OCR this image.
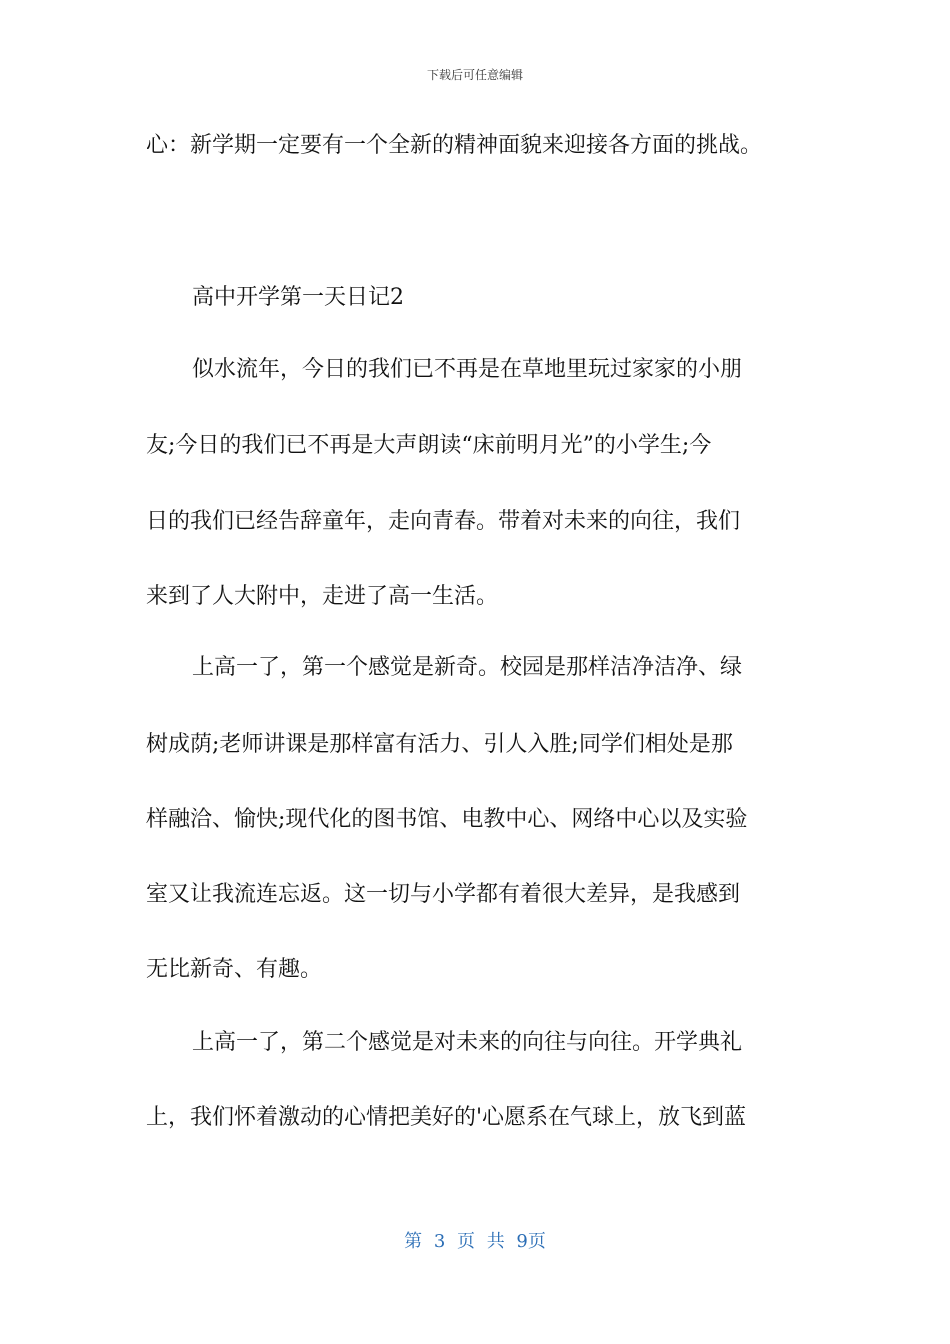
下载后可任意编辑
心：新学期一定要有一个全新的精神面貌来迎接各方面的挑战。
高中开学第一天日记2
似水流年，今日的我们已不再是在草地里玩过家家的小朋
友;今日的我们已不再是大声朗读“床前明月光”的小学生;今
日的我们已经告辞童年，走向青春。带着对未来的向往，我们
来到了人大附中，走进了高一生活。
上高一了，第一个感觉是新奇。校园是那样洁净洁净、绿
树成荫;老师讲课是那样富有活力、引人入胜;同学们相处是那
样融洽、愉快;现代化的图书馆、电教中心、网络中心以及实验
室又让我流连忘返。这一切与小学都有着很大差异，是我感到
无比新奇、有趣。
上高一了，第二个感觉是对未来的向往与向往。开学典礼
上，我们怀着激动的心情把美好的'心愿系在气球上，放飞到蓝
第 3 页 共 9页
